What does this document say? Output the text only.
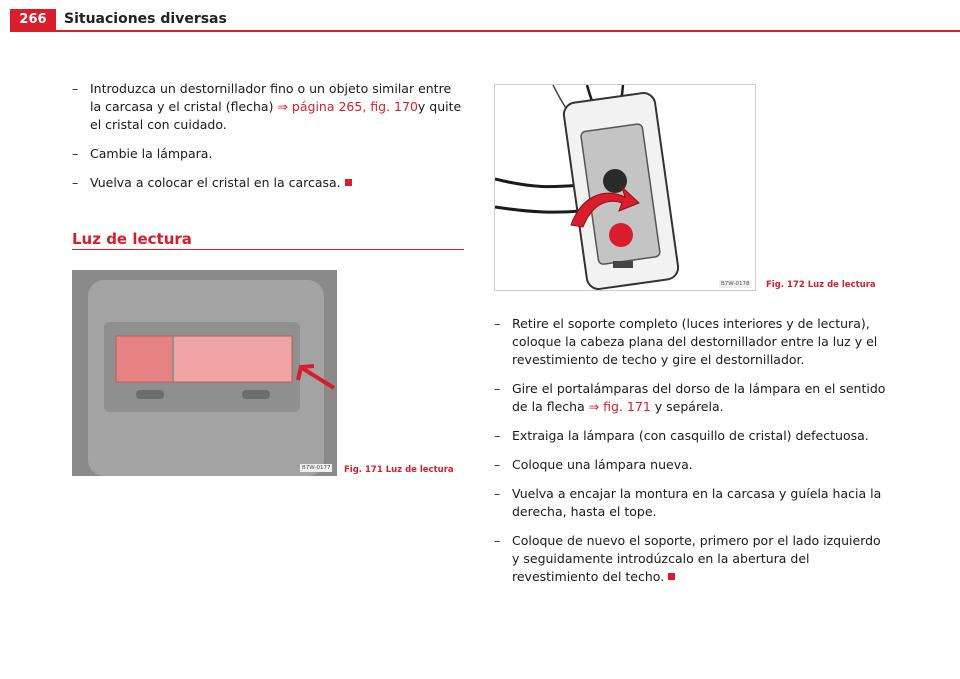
266	Situaciones diversas
– Introduzca un destornillador fino o un objeto similar entre la carcasa y el cristal (flecha) ⇒ página 265, fig. 170y quite el cristal con cuidado.
– Cambie la lámpara.
– Vuelva a colocar el cristal en la carcasa.
Luz de lectura
B7W-0177 Fig. 171 Luz de lectura
B7W-0178 Fig. 172 Luz de lectura
– Retire el soporte completo (luces interiores y de lectura), coloque la cabeza plana del destornillador entre la luz y el revestimiento de techo y gire el destornillador.
– Gire el portalámparas del dorso de la lámpara en el sentido de la flecha ⇒ fig. 171 y sepárela.
– Extraiga la lámpara (con casquillo de cristal) defectuosa.
– Coloque una lámpara nueva.
– Vuelva a encajar la montura en la carcasa y guíela hacia la derecha, hasta el tope.
– Coloque de nuevo el soporte, primero por el lado izquierdo y seguidamente introdúzcalo en la abertura del revestimiento del techo.
